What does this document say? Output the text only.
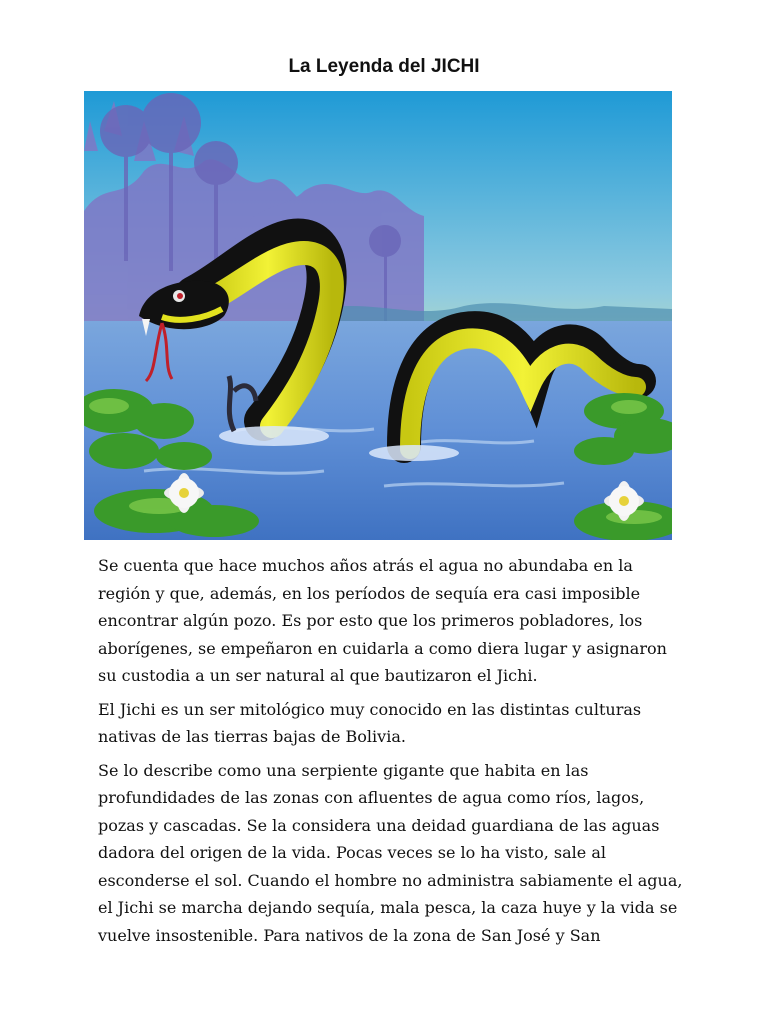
La Leyenda del JICHI

Se cuenta que hace muchos años atrás el agua no abundaba en la región y que, además, en los períodos de sequía era casi imposible encontrar algún pozo. Es por esto que los primeros pobladores, los aborígenes, se empeñaron en cuidarla a como diera lugar y asignaron su custodia a un ser natural al que bautizaron el Jichi.

El Jichi es un ser mitológico muy conocido en las distintas culturas nativas de las tierras bajas de Bolivia.

Se lo describe como una serpiente gigante que habita en las profundidades de las zonas con afluentes de agua como ríos, lagos, pozas y cascadas. Se la considera una deidad guardiana de las aguas dadora del origen de la vida. Pocas veces se lo ha visto, sale al esconderse el sol. Cuando el hombre no administra sabiamente el agua, el Jichi se marcha dejando sequía, mala pesca, la caza huye y la vida se vuelve insostenible. Para nativos de la zona de San José y San
